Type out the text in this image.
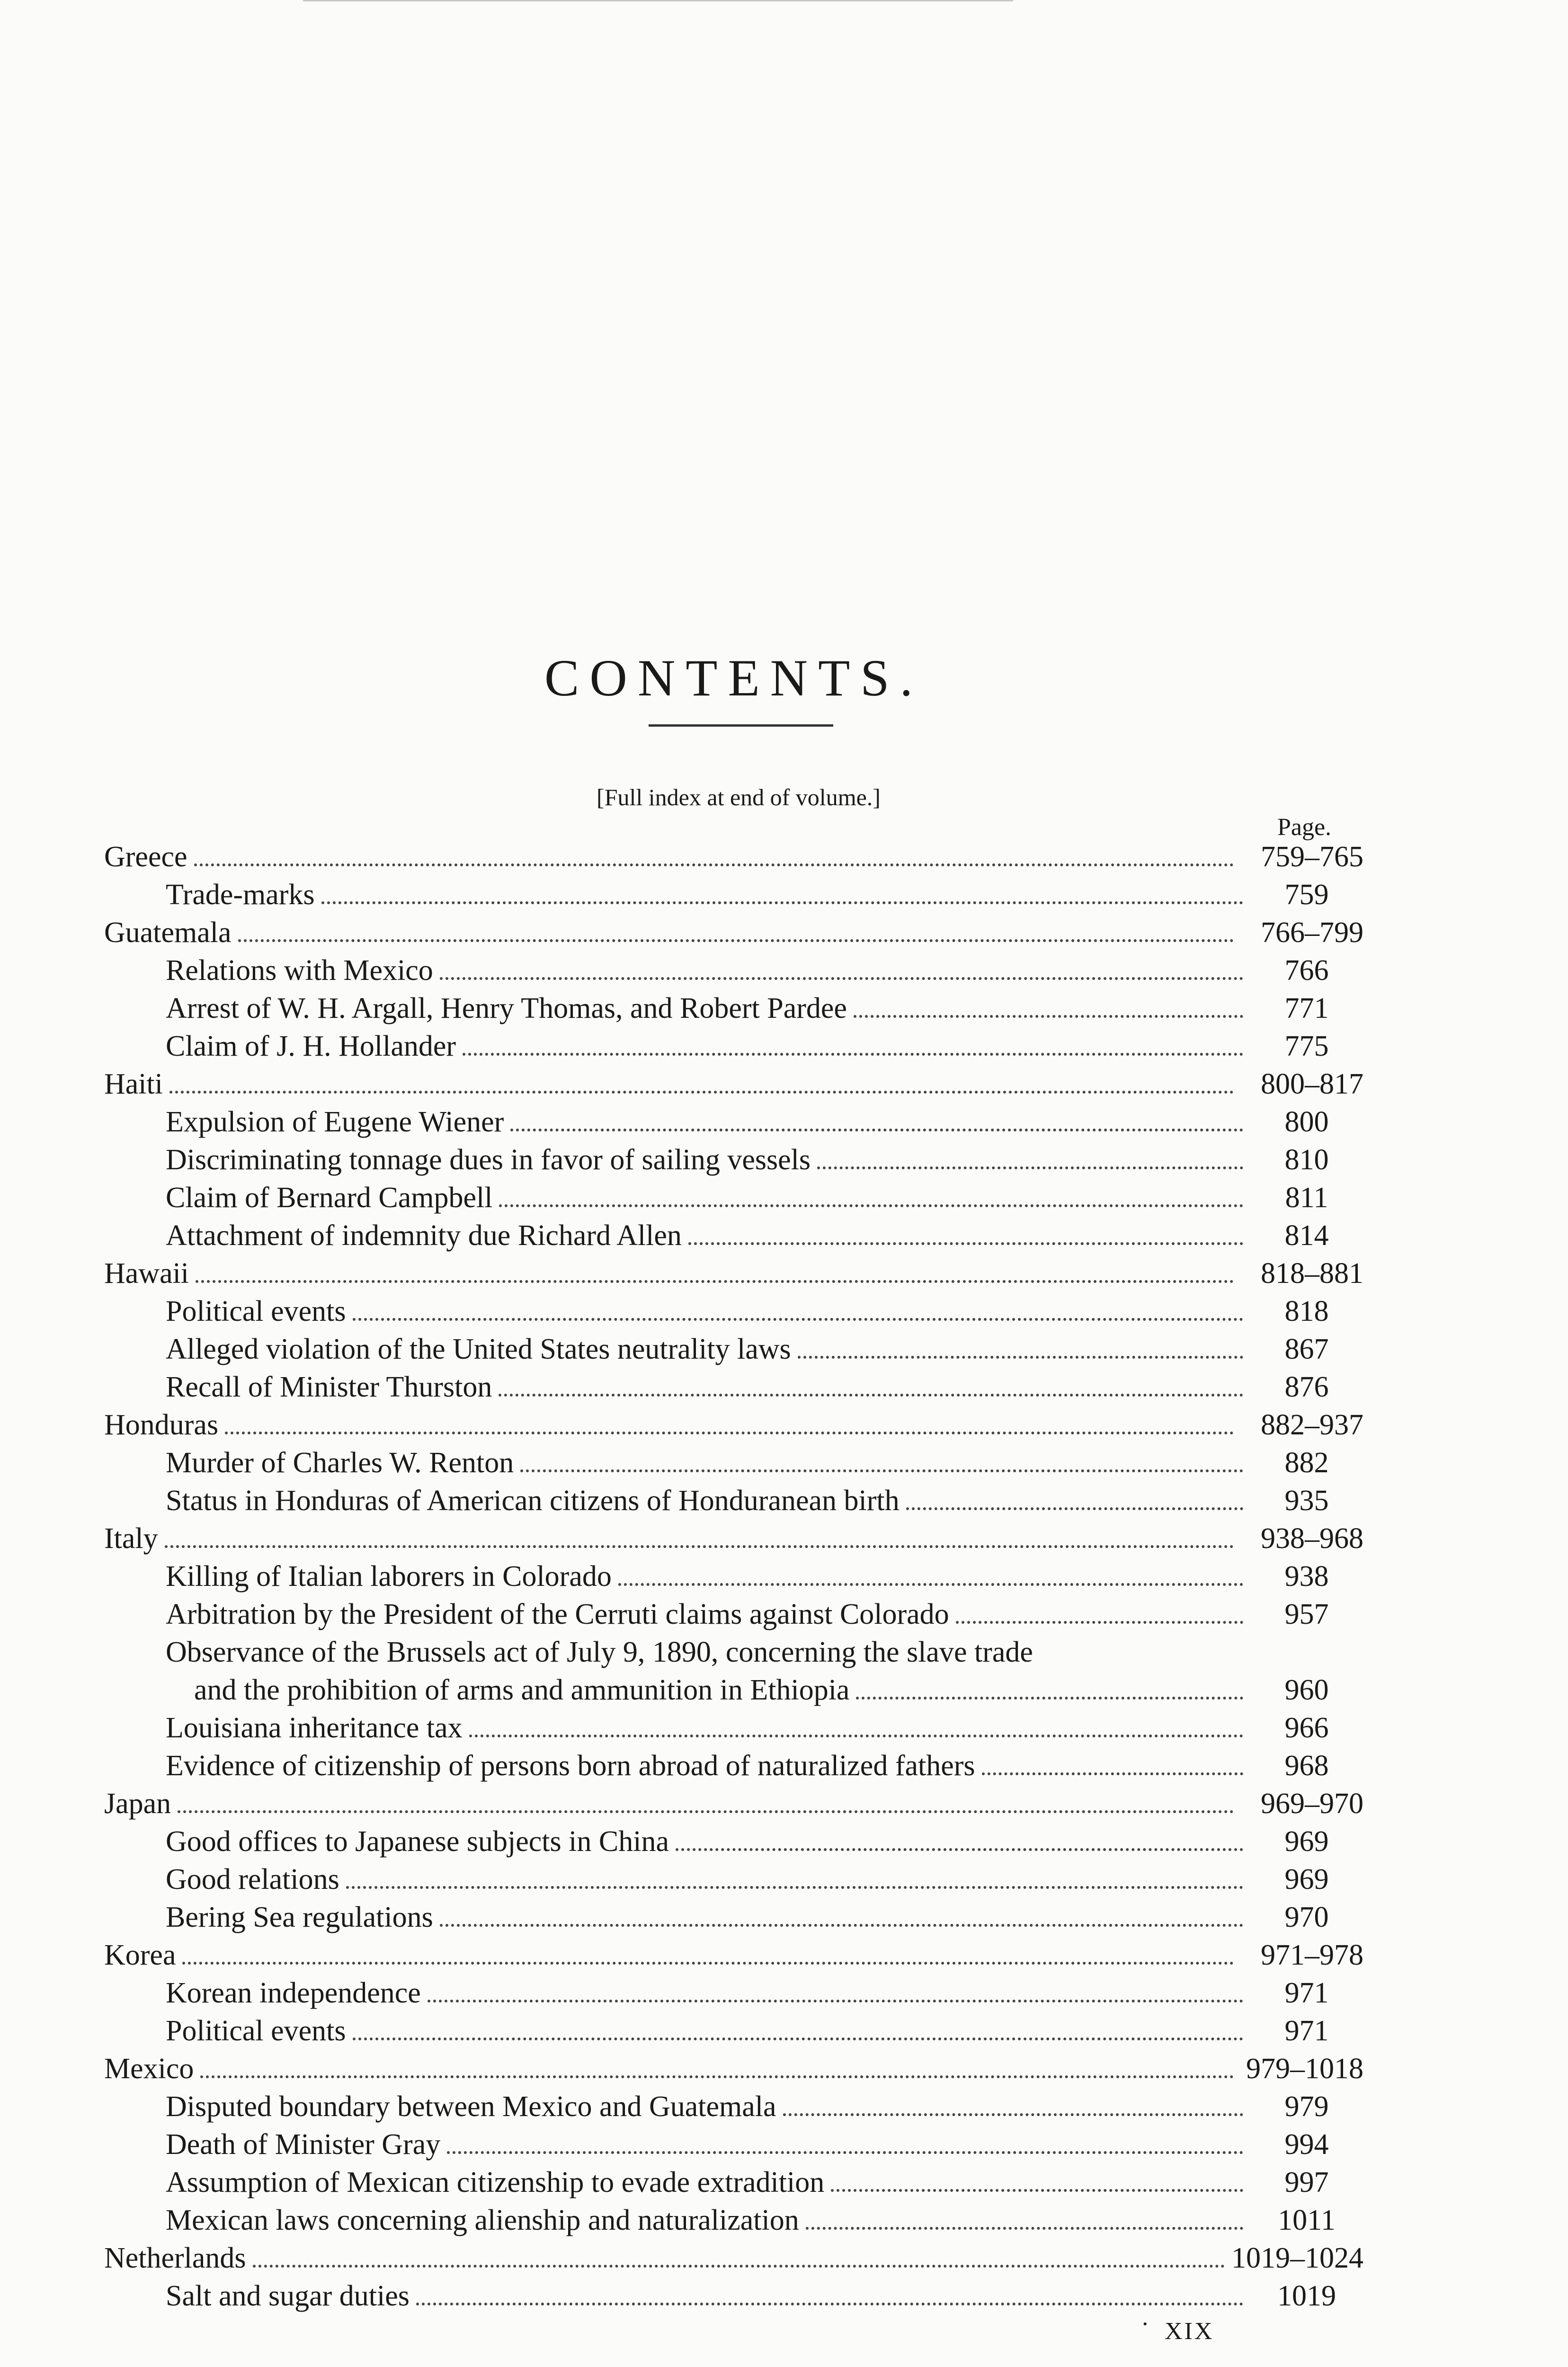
CONTENTS.
[Full index at end of volume.]
Page.
Greece	759–765
Trade-marks	759
Guatemala	766–799
Relations with Mexico	766
Arrest of W. H. Argall, Henry Thomas, and Robert Pardee	771
Claim of J. H. Hollander	775
Haiti	800–817
Expulsion of Eugene Wiener	800
Discriminating tonnage dues in favor of sailing vessels	810
Claim of Bernard Campbell	811
Attachment of indemnity due Richard Allen	814
Hawaii	818–881
Political events	818
Alleged violation of the United States neutrality laws	867
Recall of Minister Thurston	876
Honduras	882–937
Murder of Charles W. Renton	882
Status in Honduras of American citizens of Honduranean birth	935
Italy	938–968
Killing of Italian laborers in Colorado	938
Arbitration by the President of the Cerruti claims against Colorado	957
Observance of the Brussels act of July 9, 1890, concerning the slave trade
and the prohibition of arms and ammunition in Ethiopia	960
Louisiana inheritance tax	966
Evidence of citizenship of persons born abroad of naturalized fathers	968
Japan	969–970
Good offices to Japanese subjects in China	969
Good relations	969
Bering Sea regulations	970
Korea	971–978
Korean independence	971
Political events	971
Mexico	979–1018
Disputed boundary between Mexico and Guatemala	979
Death of Minister Gray	994
Assumption of Mexican citizenship to evade extradition	997
Mexican laws concerning alienship and naturalization	1011
Netherlands	1019–1024
Salt and sugar duties	1019
· XIX
